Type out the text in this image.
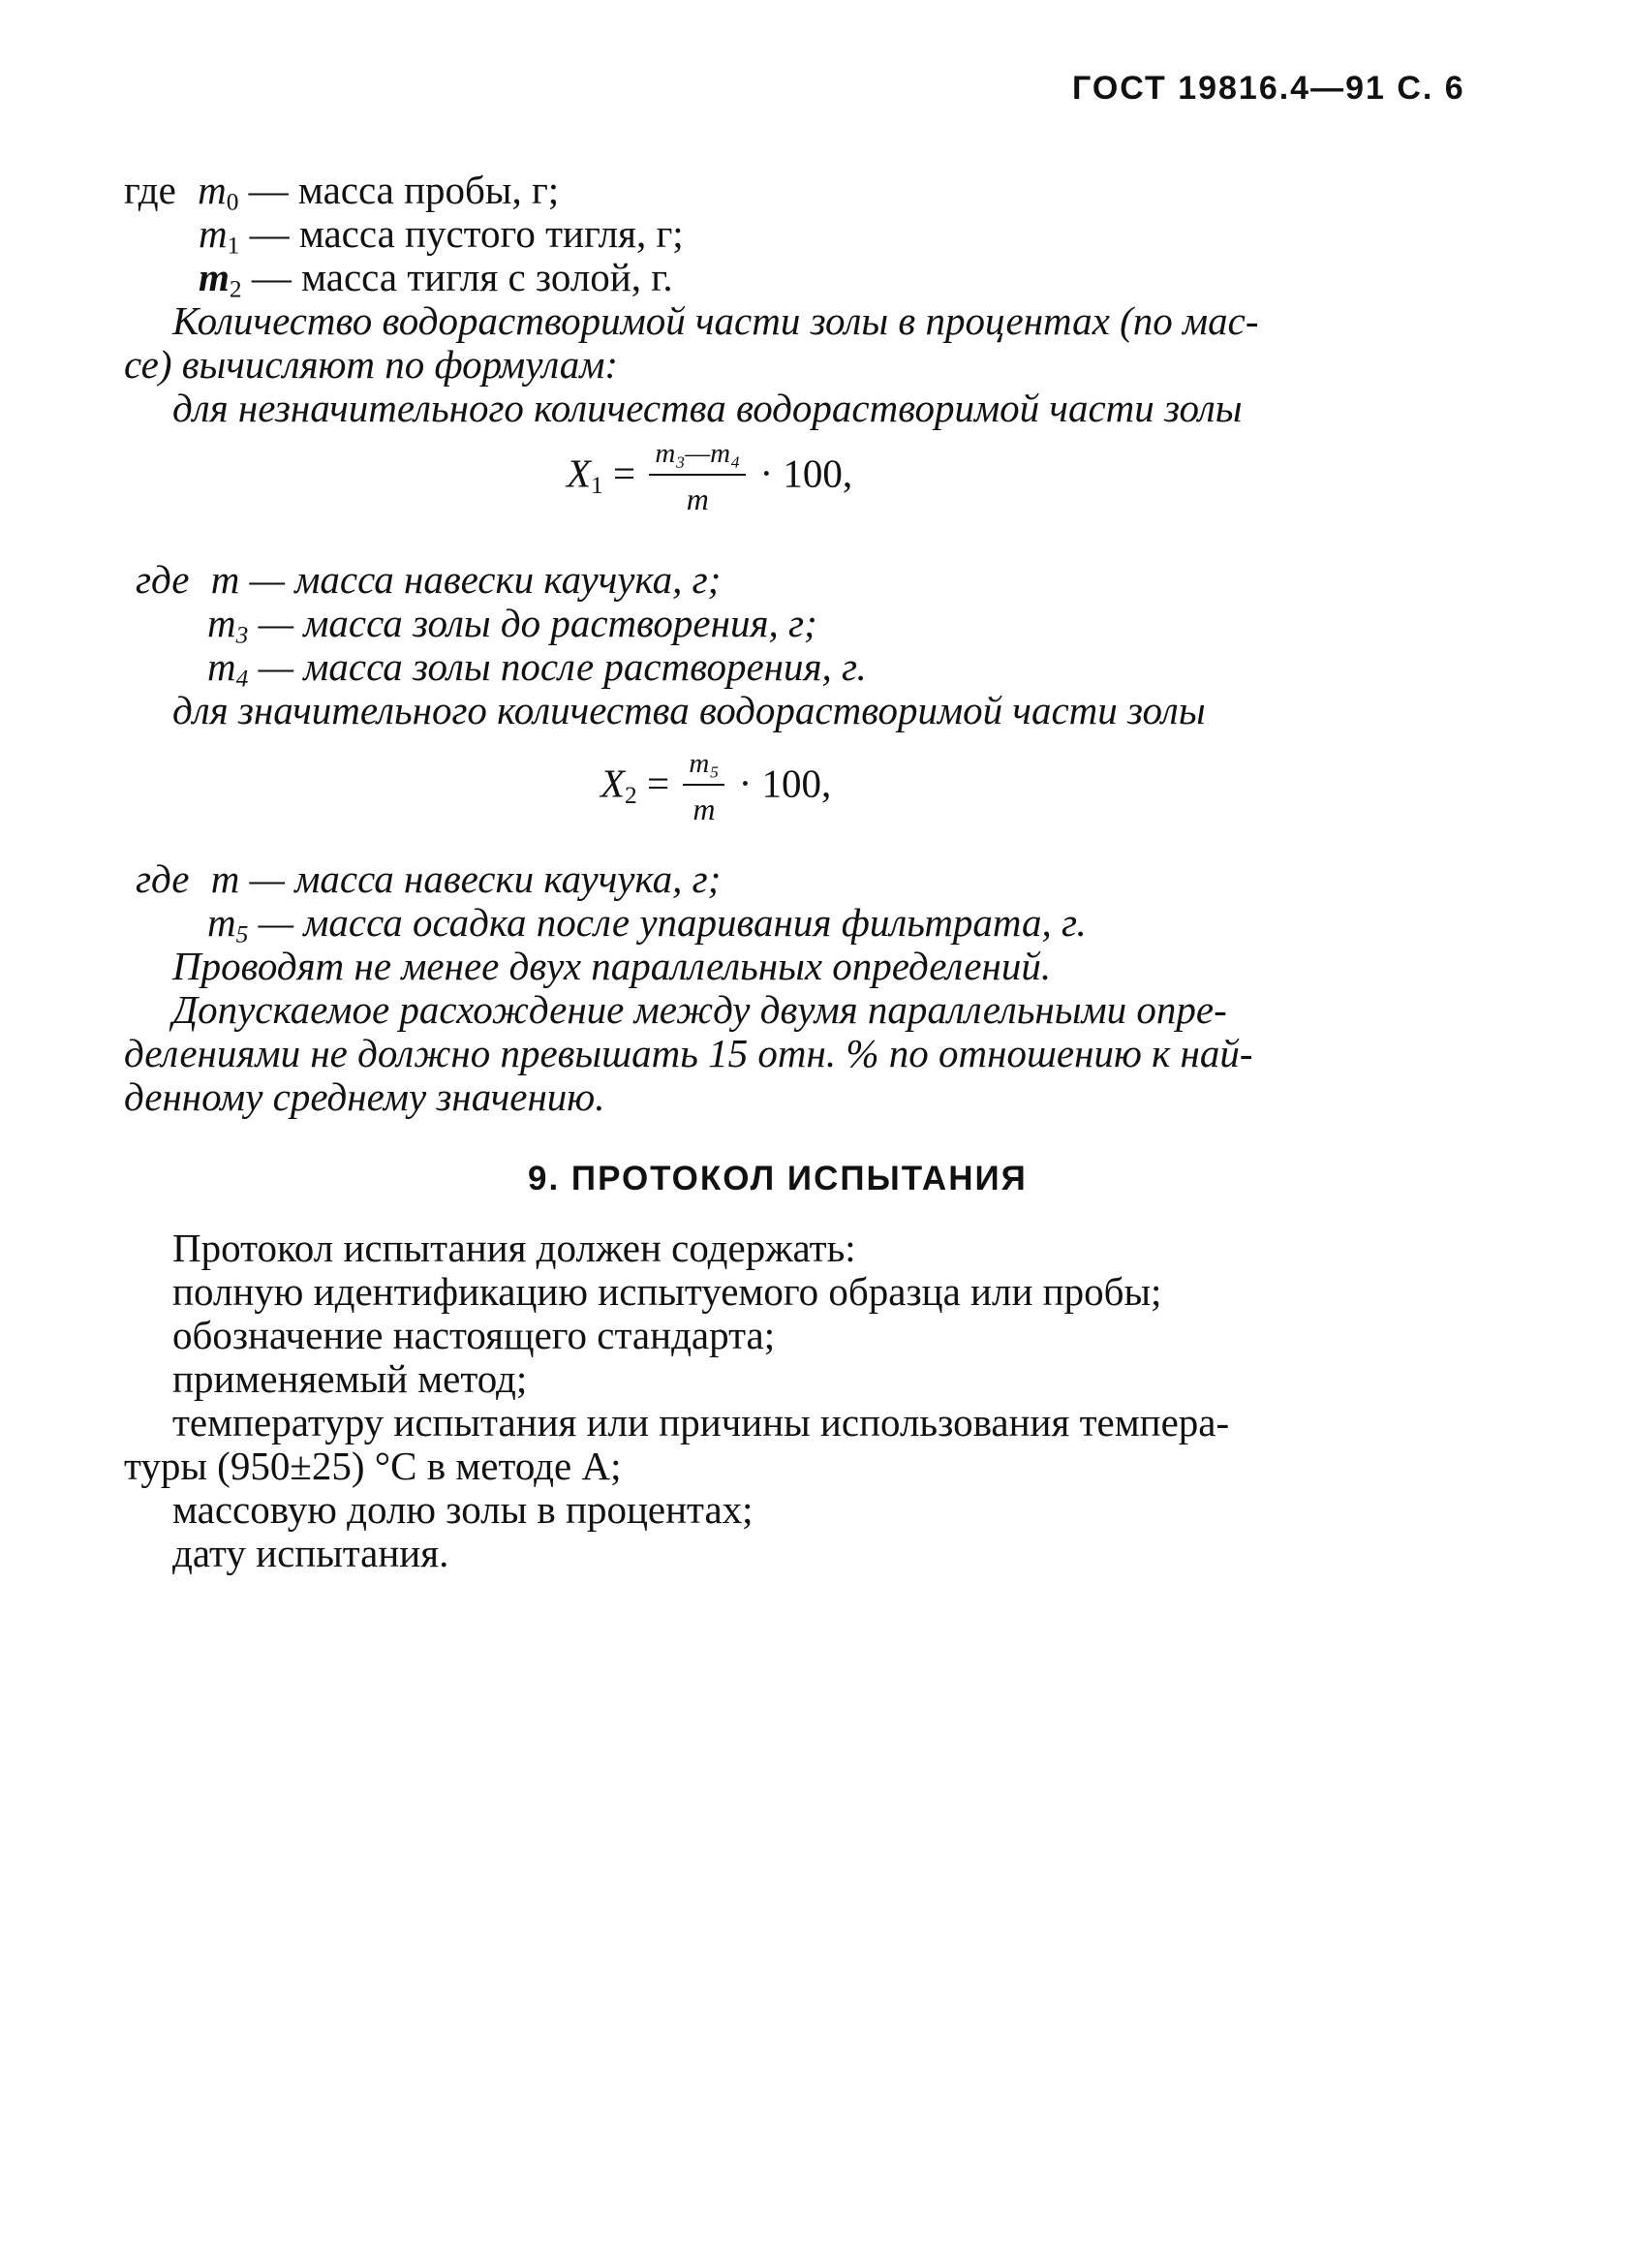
ГОСТ 19816.4—91 С. 6
где $m_0$ — масса пробы, г;
$m_1$ — масса пустого тигля, г;
$m_2$ — масса тигля с золой, г.
Количество водорастворимой части золы в процентах (по мас-
се) вычисляют по формулам:
для незначительного количества водорастворимой части золы
$X_1 = \frac{\text{m₃—m₄}}{m} \cdot 100$,
где m — масса навески каучука, г;
$m_3$ — масса золы до растворения, г;
$m_4$ — масса золы после растворения, г.
для значительного количества водорастворимой части золы
$X_2 = \frac{\text{m₅}}{m} \cdot 100$,
где m — масса навески каучука, г;
$m_5$ — масса осадка после упаривания фильтрата, г.
Проводят не менее двух параллельных определений.
Допускаемое расхождение между двумя параллельными опре-
делениями не должно превышать 15 отн. % по отношению к най-
денному среднему значению.
9. ПРОТОКОЛ ИСПЫТАНИЯ
Протокол испытания должен содержать:
полную идентификацию испытуемого образца или пробы;
обозначение настоящего стандарта;
применяемый метод;
температуру испытания или причины использования темпера-
туры (950±25) °С в методе А;
массовую долю золы в процентах;
дату испытания.
